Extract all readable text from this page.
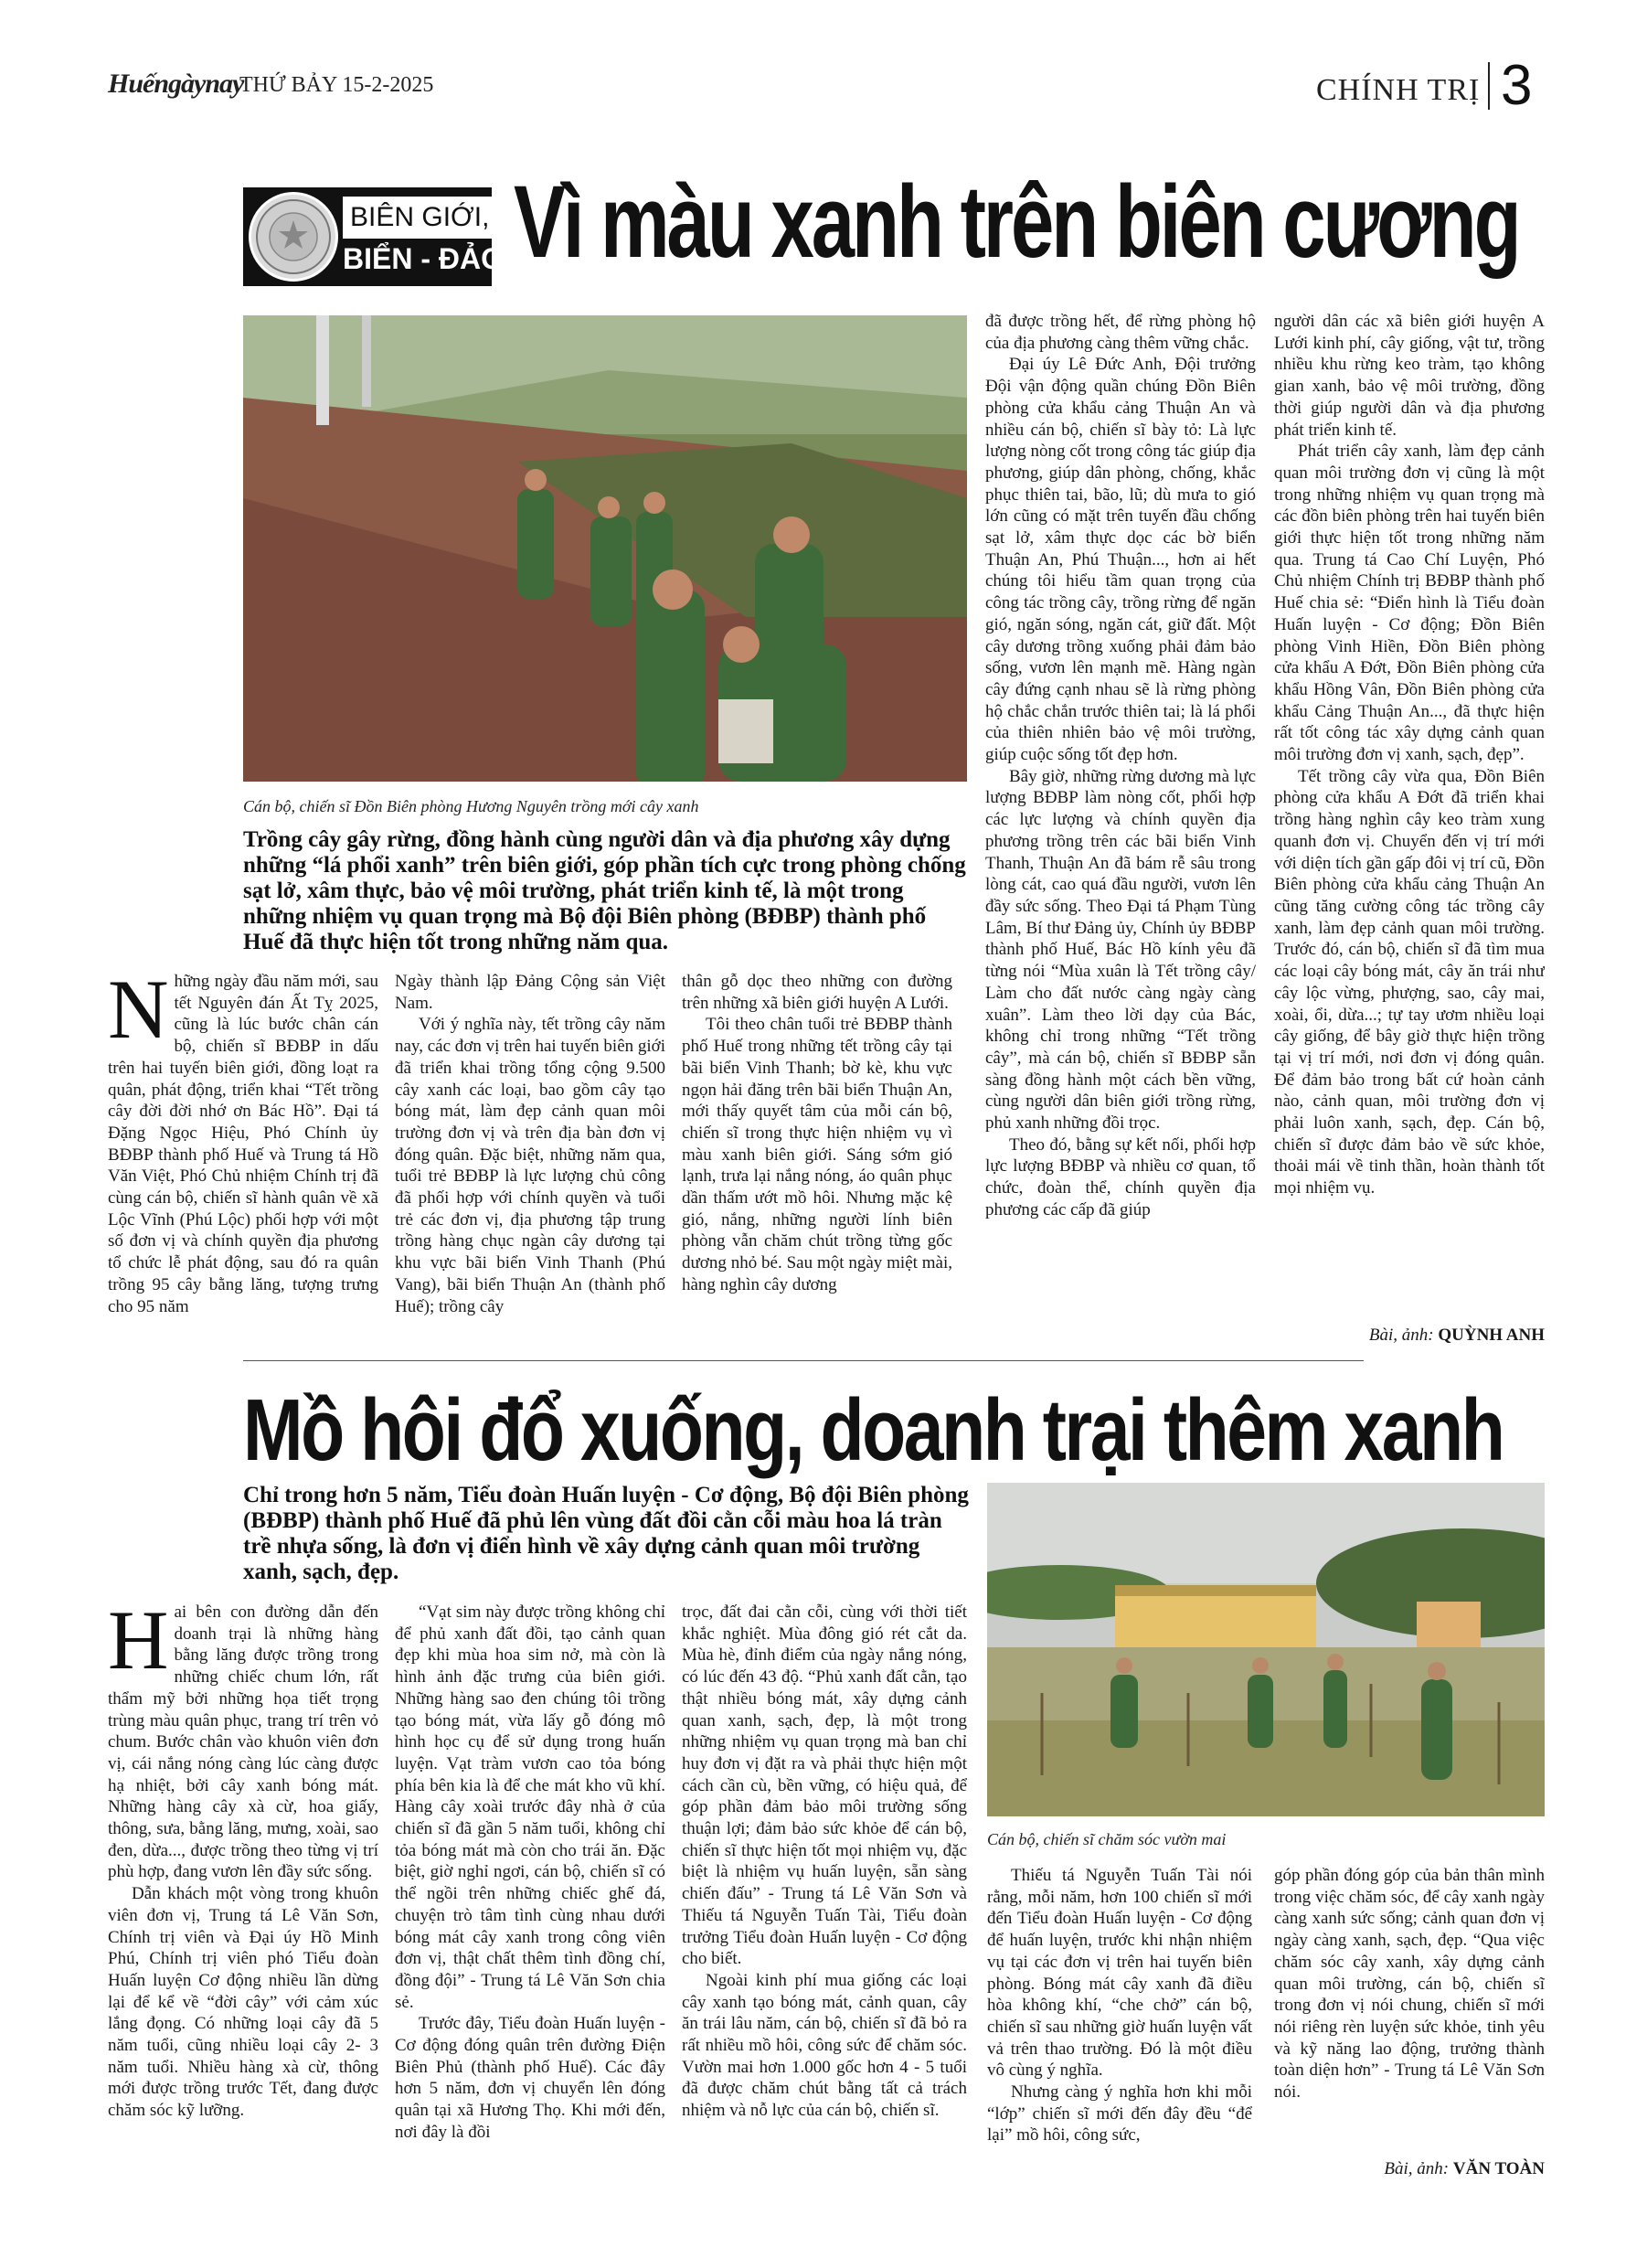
Huếngàynay
THỨ BẢY 15-2-2025	CHÍNH TRỊ 3
BIÊN GIỚI,
BIỂN - ĐẢO Vì màu xanh trên biên cương
Cán bộ, chiến sĩ Đồn Biên phòng Hương Nguyên trồng mới cây xanh
Trồng cây gây rừng, đồng hành cùng người dân và địa phương xây dựng những “lá phổi xanh” trên biên giới, góp phần tích cực trong phòng chống sạt lở, xâm thực, bảo vệ môi trường, phát triển kinh tế, là một trong những nhiệm vụ quan trọng mà Bộ đội Biên phòng (BĐBP) thành phố Huế đã thực hiện tốt trong những năm qua.
N hững ngày đầu năm mới, sau tết Nguyên đán Ất Tỵ 2025, cũng là lúc bước chân cán bộ, chiến sĩ BĐBP in dấu trên hai tuyến biên giới, đồng loạt ra quân, phát động, triển khai “Tết trồng cây đời đời nhớ ơn Bác Hồ”. Đại tá Đặng Ngọc Hiệu, Phó Chính ủy BĐBP thành phố Huế và Trung tá Hồ Văn Việt, Phó Chủ nhiệm Chính trị đã cùng cán bộ, chiến sĩ hành quân về xã Lộc Vĩnh (Phú Lộc) phối hợp với một số đơn vị và chính quyền địa phương tổ chức lễ phát động, sau đó ra quân trồng 95 cây bằng lăng, tượng trưng cho 95 năm

Ngày thành lập Đảng Cộng sản Việt Nam.

Với ý nghĩa này, tết trồng cây năm nay, các đơn vị trên hai tuyến biên giới đã triển khai trồng tổng cộng 9.500 cây xanh các loại, bao gồm cây tạo bóng mát, làm đẹp cảnh quan môi trường đơn vị và trên địa bàn đơn vị đóng quân. Đặc biệt, những năm qua, tuổi trẻ BĐBP là lực lượng chủ công đã phối hợp với chính quyền và tuổi trẻ các đơn vị, địa phương tập trung trồng hàng chục ngàn cây dương tại khu vực bãi biển Vinh Thanh (Phú Vang), bãi biển Thuận An (thành phố Huế); trồng cây

thân gỗ dọc theo những con đường trên những xã biên giới huyện A Lưới.

Tôi theo chân tuổi trẻ BĐBP thành phố Huế trong những tết trồng cây tại bãi biển Vinh Thanh; bờ kè, khu vực ngọn hải đăng trên bãi biển Thuận An, mới thấy quyết tâm của mỗi cán bộ, chiến sĩ trong thực hiện nhiệm vụ vì màu xanh biên giới. Sáng sớm gió lạnh, trưa lại nắng nóng, áo quân phục dần thấm ướt mồ hôi. Nhưng mặc kệ gió, nắng, những người lính biên phòng vẫn chăm chút trồng từng gốc dương nhỏ bé. Sau một ngày miệt mài, hàng nghìn cây dương

đã được trồng hết, để rừng phòng hộ của địa phương càng thêm vững chắc.

Đại úy Lê Đức Anh, Đội trưởng Đội vận động quần chúng Đồn Biên phòng cửa khẩu cảng Thuận An và nhiều cán bộ, chiến sĩ bày tỏ: Là lực lượng nòng cốt trong công tác giúp địa phương, giúp dân phòng, chống, khắc phục thiên tai, bão, lũ; dù mưa to gió lớn cũng có mặt trên tuyến đầu chống sạt lở, xâm thực dọc các bờ biển Thuận An, Phú Thuận..., hơn ai hết chúng tôi hiểu tầm quan trọng của công tác trồng cây, trồng rừng để ngăn gió, ngăn sóng, ngăn cát, giữ đất. Một cây dương trồng xuống phải đảm bảo sống, vươn lên mạnh mẽ. Hàng ngàn cây đứng cạnh nhau sẽ là rừng phòng hộ chắc chắn trước thiên tai; là lá phổi của thiên nhiên bảo vệ môi trường, giúp cuộc sống tốt đẹp hơn.

Bây giờ, những rừng dương mà lực lượng BĐBP làm nòng cốt, phối hợp các lực lượng và chính quyền địa phương trồng trên các bãi biển Vinh Thanh, Thuận An đã bám rễ sâu trong lòng cát, cao quá đầu người, vươn lên đầy sức sống. Theo Đại tá Phạm Tùng Lâm, Bí thư Đảng ủy, Chính ủy BĐBP thành phố Huế, Bác Hồ kính yêu đã từng nói “Mùa xuân là Tết trồng cây/ Làm cho đất nước càng ngày càng xuân”. Làm theo lời dạy của Bác, không chỉ trong những “Tết trồng cây”, mà cán bộ, chiến sĩ BĐBP sẵn sàng đồng hành một cách bền vững, cùng người dân biên giới trồng rừng, phủ xanh những đồi trọc.

Theo đó, bằng sự kết nối, phối hợp lực lượng BĐBP và nhiều cơ quan, tổ chức, đoàn thể, chính quyền địa phương các cấp đã giúp

người dân các xã biên giới huyện A Lưới kinh phí, cây giống, vật tư, trồng nhiều khu rừng keo tràm, tạo không gian xanh, bảo vệ môi trường, đồng thời giúp người dân và địa phương phát triển kinh tế.

Phát triển cây xanh, làm đẹp cảnh quan môi trường đơn vị cũng là một trong những nhiệm vụ quan trọng mà các đồn biên phòng trên hai tuyến biên giới thực hiện tốt trong những năm qua. Trung tá Cao Chí Luyện, Phó Chủ nhiệm Chính trị BĐBP thành phố Huế chia sẻ: “Điển hình là Tiểu đoàn Huấn luyện - Cơ động; Đồn Biên phòng Vinh Hiền, Đồn Biên phòng cửa khẩu A Đớt, Đồn Biên phòng cửa khẩu Hồng Vân, Đồn Biên phòng cửa khẩu Cảng Thuận An..., đã thực hiện rất tốt công tác xây dựng cảnh quan môi trường đơn vị xanh, sạch, đẹp”.

Tết trồng cây vừa qua, Đồn Biên phòng cửa khẩu A Đớt đã triển khai trồng hàng nghìn cây keo tràm xung quanh đơn vị. Chuyển đến vị trí mới với diện tích gần gấp đôi vị trí cũ, Đồn Biên phòng cửa khẩu cảng Thuận An cũng tăng cường công tác trồng cây xanh, làm đẹp cảnh quan môi trường. Trước đó, cán bộ, chiến sĩ đã tìm mua các loại cây bóng mát, cây ăn trái như cây lộc vừng, phượng, sao, cây mai, xoài, ổi, dừa...; tự tay ươm nhiều loại cây giống, để bây giờ thực hiện trồng tại vị trí mới, nơi đơn vị đóng quân. Để đảm bảo trong bất cứ hoàn cảnh nào, cảnh quan, môi trường đơn vị phải luôn xanh, sạch, đẹp. Cán bộ, chiến sĩ được đảm bảo về sức khỏe, thoải mái về tinh thần, hoàn thành tốt mọi nhiệm vụ.

Bài, ảnh: QUỲNH ANH
Mồ hôi đổ xuống, doanh trại thêm xanh
Chỉ trong hơn 5 năm, Tiểu đoàn Huấn luyện - Cơ động, Bộ đội Biên phòng (BĐBP) thành phố Huế đã phủ lên vùng đất đồi cằn cỗi màu hoa lá tràn trề nhựa sống, là đơn vị điển hình về xây dựng cảnh quan môi trường xanh, sạch, đẹp.
Cán bộ, chiến sĩ chăm sóc vườn mai
H ai bên con đường dẫn đến doanh trại là những hàng bằng lăng được trồng trong những chiếc chum lớn, rất thẩm mỹ bởi những họa tiết trọng trùng màu quân phục, trang trí trên vỏ chum. Bước chân vào khuôn viên đơn vị, cái nắng nóng càng lúc càng được hạ nhiệt, bởi cây xanh bóng mát. Những hàng cây xà cừ, hoa giấy, thông, sưa, bằng lăng, mưng, xoài, sao đen, dừa..., được trồng theo từng vị trí phù hợp, đang vươn lên đầy sức sống.

Dẫn khách một vòng trong khuôn viên đơn vị, Trung tá Lê Văn Sơn, Chính trị viên và Đại úy Hồ Minh Phú, Chính trị viên phó Tiểu đoàn Huấn luyện Cơ động nhiều lần dừng lại để kể về “đời cây” với cảm xúc lắng đọng. Có những loại cây đã 5 năm tuổi, cũng nhiều loại cây 2- 3 năm tuổi. Nhiều hàng xà cừ, thông mới được trồng trước Tết, đang được chăm sóc kỹ lưỡng.

“Vạt sim này được trồng không chỉ để phủ xanh đất đồi, tạo cảnh quan đẹp khi mùa hoa sim nở, mà còn là hình ảnh đặc trưng của biên giới. Những hàng sao đen chúng tôi trồng tạo bóng mát, vừa lấy gỗ đóng mô hình học cụ để sử dụng trong huấn luyện. Vạt tràm vươn cao tỏa bóng phía bên kia là để che mát kho vũ khí. Hàng cây xoài trước đây nhà ở của chiến sĩ đã gần 5 năm tuổi, không chỉ tỏa bóng mát mà còn cho trái ăn. Đặc biệt, giờ nghỉ ngơi, cán bộ, chiến sĩ có thể ngồi trên những chiếc ghế đá, chuyện trò tâm tình cùng nhau dưới bóng mát cây xanh trong công viên đơn vị, thật chất thêm tình đồng chí, đồng đội” - Trung tá Lê Văn Sơn chia sẻ.

Trước đây, Tiểu đoàn Huấn luyện - Cơ động đóng quân trên đường Điện Biên Phủ (thành phố Huế). Các đây hơn 5 năm, đơn vị chuyển lên đóng quân tại xã Hương Thọ. Khi mới đến, nơi đây là đồi

trọc, đất đai cằn cỗi, cùng với thời tiết khắc nghiệt. Mùa đông gió rét cắt da. Mùa hè, đỉnh điểm của ngày nắng nóng, có lúc đến 43 độ. “Phủ xanh đất cằn, tạo thật nhiều bóng mát, xây dựng cảnh quan xanh, sạch, đẹp, là một trong những nhiệm vụ quan trọng mà ban chỉ huy đơn vị đặt ra và phải thực hiện một cách cần cù, bền vững, có hiệu quả, để góp phần đảm bảo môi trường sống thuận lợi; đảm bảo sức khỏe để cán bộ, chiến sĩ thực hiện tốt mọi nhiệm vụ, đặc biệt là nhiệm vụ huấn luyện, sẵn sàng chiến đấu” - Trung tá Lê Văn Sơn và Thiếu tá Nguyễn Tuấn Tài, Tiểu đoàn trưởng Tiểu đoàn Huấn luyện - Cơ động cho biết.

Ngoài kinh phí mua giống các loại cây xanh tạo bóng mát, cảnh quan, cây ăn trái lâu năm, cán bộ, chiến sĩ đã bỏ ra rất nhiều mồ hôi, công sức để chăm sóc. Vườn mai hơn 1.000 gốc hơn 4 - 5 tuổi đã được chăm chút bằng tất cả trách nhiệm và nỗ lực của cán bộ, chiến sĩ.

Thiếu tá Nguyễn Tuấn Tài nói rằng, mỗi năm, hơn 100 chiến sĩ mới đến Tiểu đoàn Huấn luyện - Cơ động để huấn luyện, trước khi nhận nhiệm vụ tại các đơn vị trên hai tuyến biên phòng. Bóng mát cây xanh đã điều hòa không khí, “che chở” cán bộ, chiến sĩ sau những giờ huấn luyện vất vả trên thao trường. Đó là một điều vô cùng ý nghĩa.

Nhưng càng ý nghĩa hơn khi mỗi “lớp” chiến sĩ mới đến đây đều “để lại” mồ hôi, công sức,

góp phần đóng góp của bản thân mình trong việc chăm sóc, để cây xanh ngày càng xanh sức sống; cảnh quan đơn vị ngày càng xanh, sạch, đẹp. “Qua việc chăm sóc cây xanh, xây dựng cảnh quan môi trường, cán bộ, chiến sĩ trong đơn vị nói chung, chiến sĩ mới nói riêng rèn luyện sức khỏe, tinh yêu và kỹ năng lao động, trưởng thành toàn diện hơn” - Trung tá Lê Văn Sơn nói.

Bài, ảnh: VĂN TOÀN
